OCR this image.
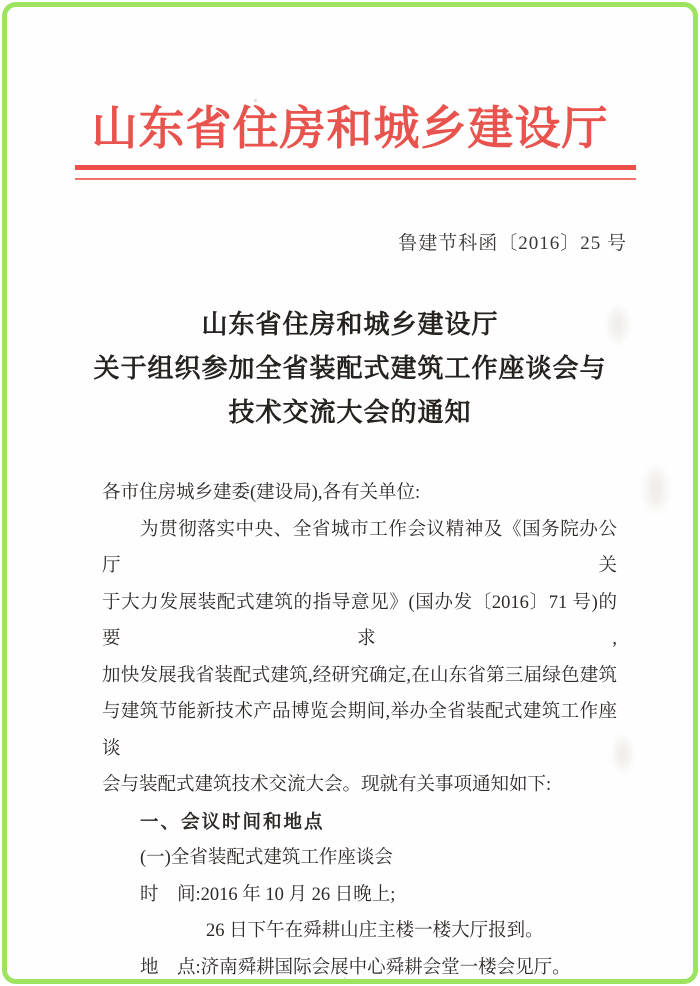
山东省住房和城乡建设厅
鲁建节科函〔2016〕25 号
山东省住房和城乡建设厅
关于组织参加全省装配式建筑工作座谈会与
技术交流大会的通知

各市住房城乡建委(建设局),各有关单位:

为贯彻落实中央、全省城市工作会议精神及《国务院办公厅关

于大力发展装配式建筑的指导意见》(国办发〔2016〕71 号)的要求,

加快发展我省装配式建筑,经研究确定,在山东省第三届绿色建筑

与建筑节能新技术产品博览会期间,举办全省装配式建筑工作座谈

会与装配式建筑技术交流大会。现就有关事项通知如下:

一、会议时间和地点

(一)全省装配式建筑工作座谈会

时　间:2016 年 10 月 26 日晚上;

26 日下午在舜耕山庄主楼一楼大厅报到。

地　点:济南舜耕国际会展中心舜耕会堂一楼会见厅。
